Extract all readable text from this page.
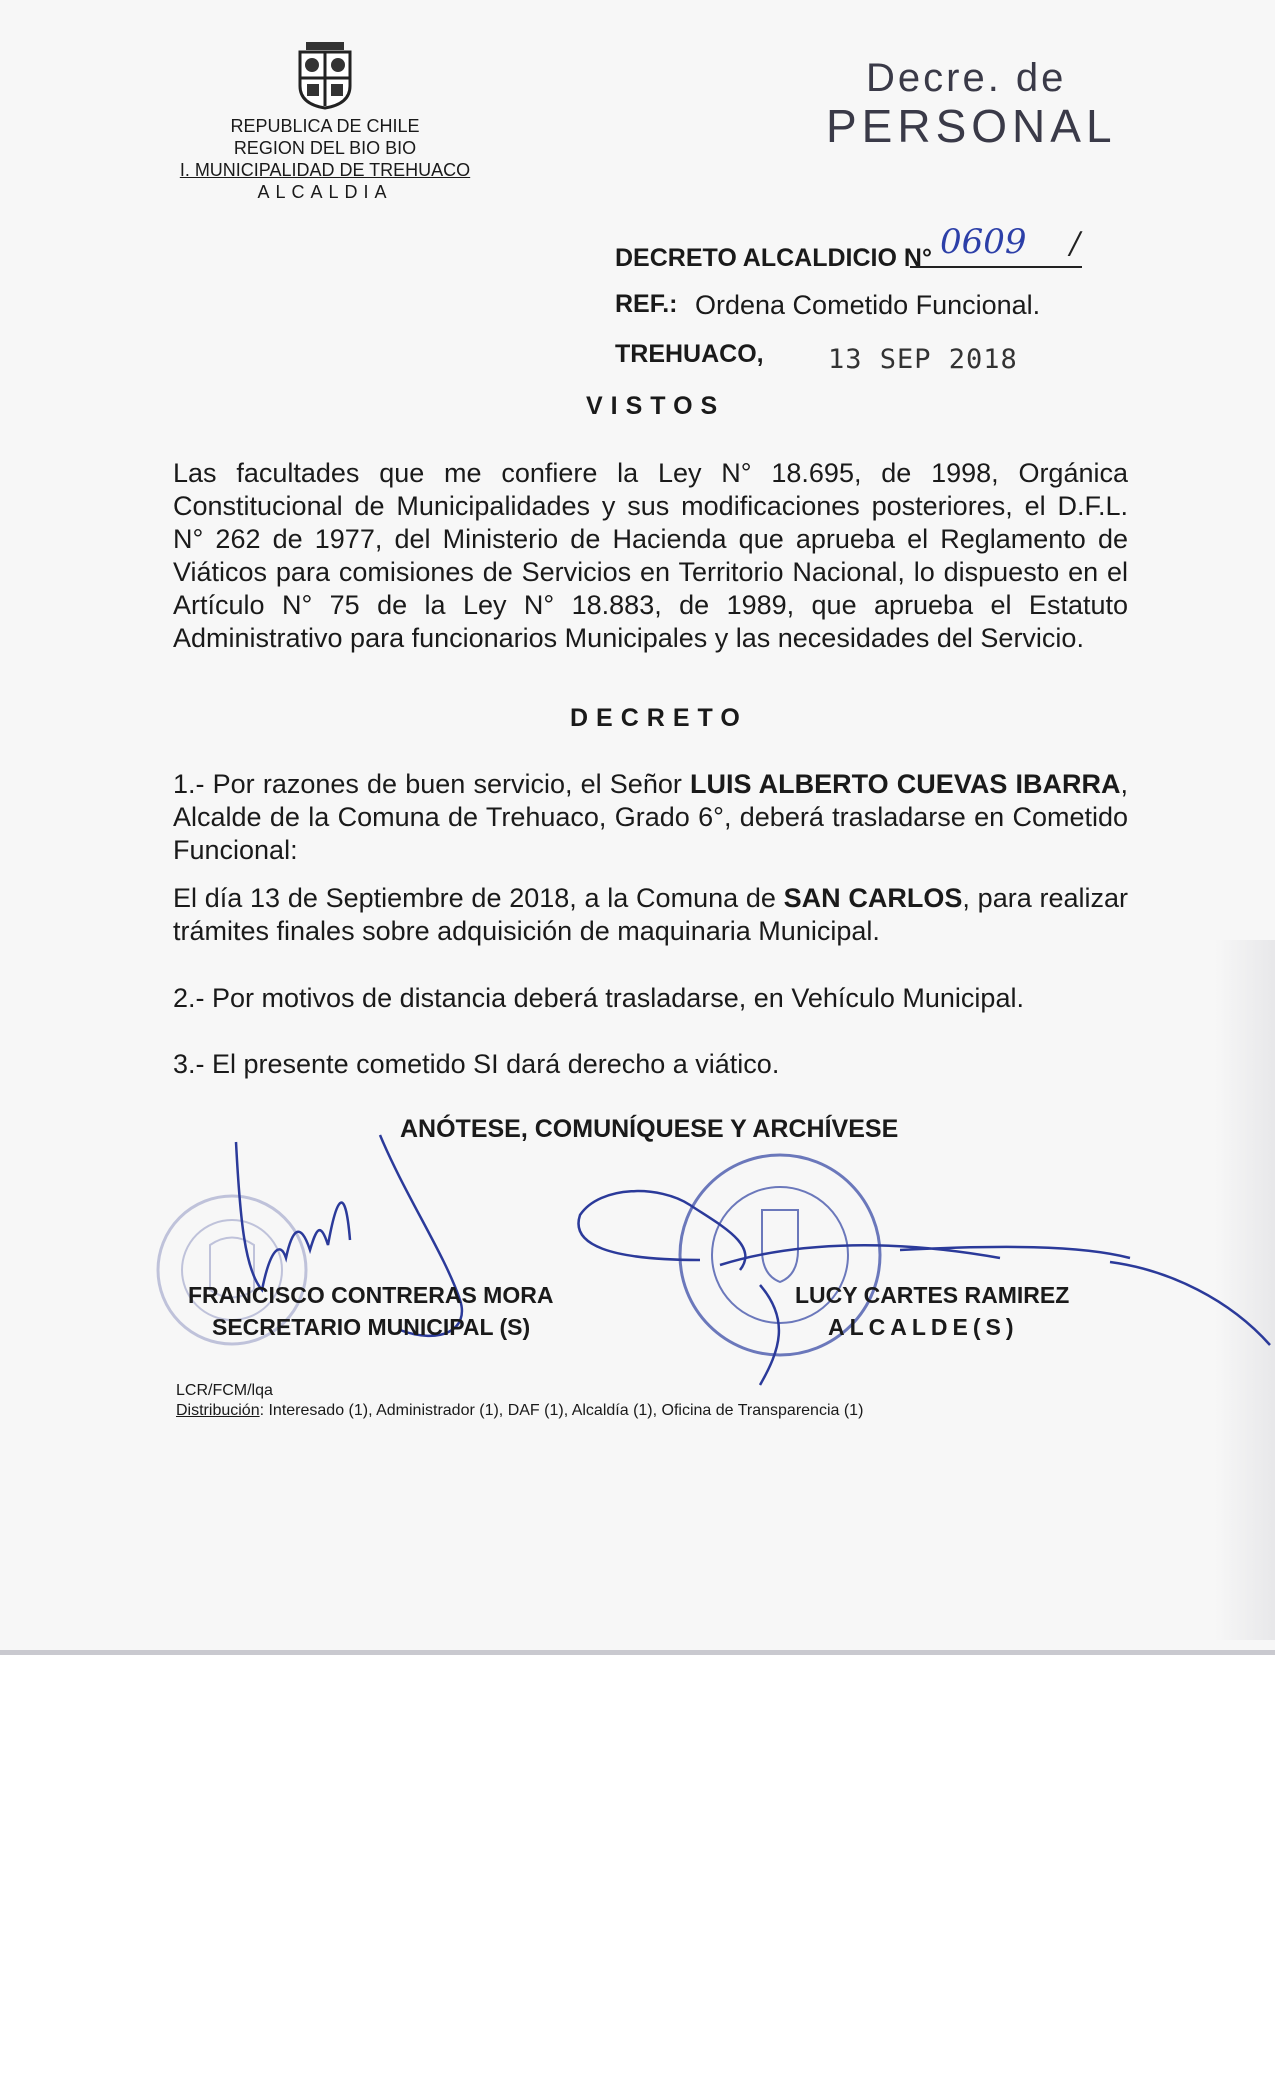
REPUBLICA DE CHILE
REGION DEL BIO BIO
I. MUNICIPALIDAD DE TREHUACO
ALCALDIA
Decre. de
PERSONAL
DECRETO ALCALDICIO N° 0609 /
REF.: Ordena Cometido Funcional.
TREHUACO, 13 SEP 2018
VISTOS
Las facultades que me confiere la Ley N° 18.695, de 1998, Orgánica Constitucional de Municipalidades y sus modificaciones posteriores, el D.F.L. N° 262 de 1977, del Ministerio de Hacienda que aprueba el Reglamento de Viáticos para comisiones de Servicios en Territorio Nacional, lo dispuesto en el Artículo N° 75 de la Ley N° 18.883, de 1989, que aprueba el Estatuto Administrativo para funcionarios Municipales y las necesidades del Servicio.
DECRETO
1.- Por razones de buen servicio, el Señor LUIS ALBERTO CUEVAS IBARRA, Alcalde de la Comuna de Trehuaco, Grado 6°, deberá trasladarse en Cometido Funcional:
El día 13 de Septiembre de 2018, a la Comuna de SAN CARLOS, para realizar trámites finales sobre adquisición de maquinaria Municipal.
2.- Por motivos de distancia deberá trasladarse, en Vehículo Municipal.
3.- El presente cometido SI dará derecho a viático.
ANÓTESE, COMUNÍQUESE Y ARCHÍVESE
FRANCISCO CONTRERAS MORA
SECRETARIO MUNICIPAL (S)
LUCY CARTES RAMIREZ
ALCALDE(S)
LCR/FCM/lqa
Distribución: Interesado (1), Administrador (1), DAF (1), Alcaldía (1), Oficina de Transparencia (1)
